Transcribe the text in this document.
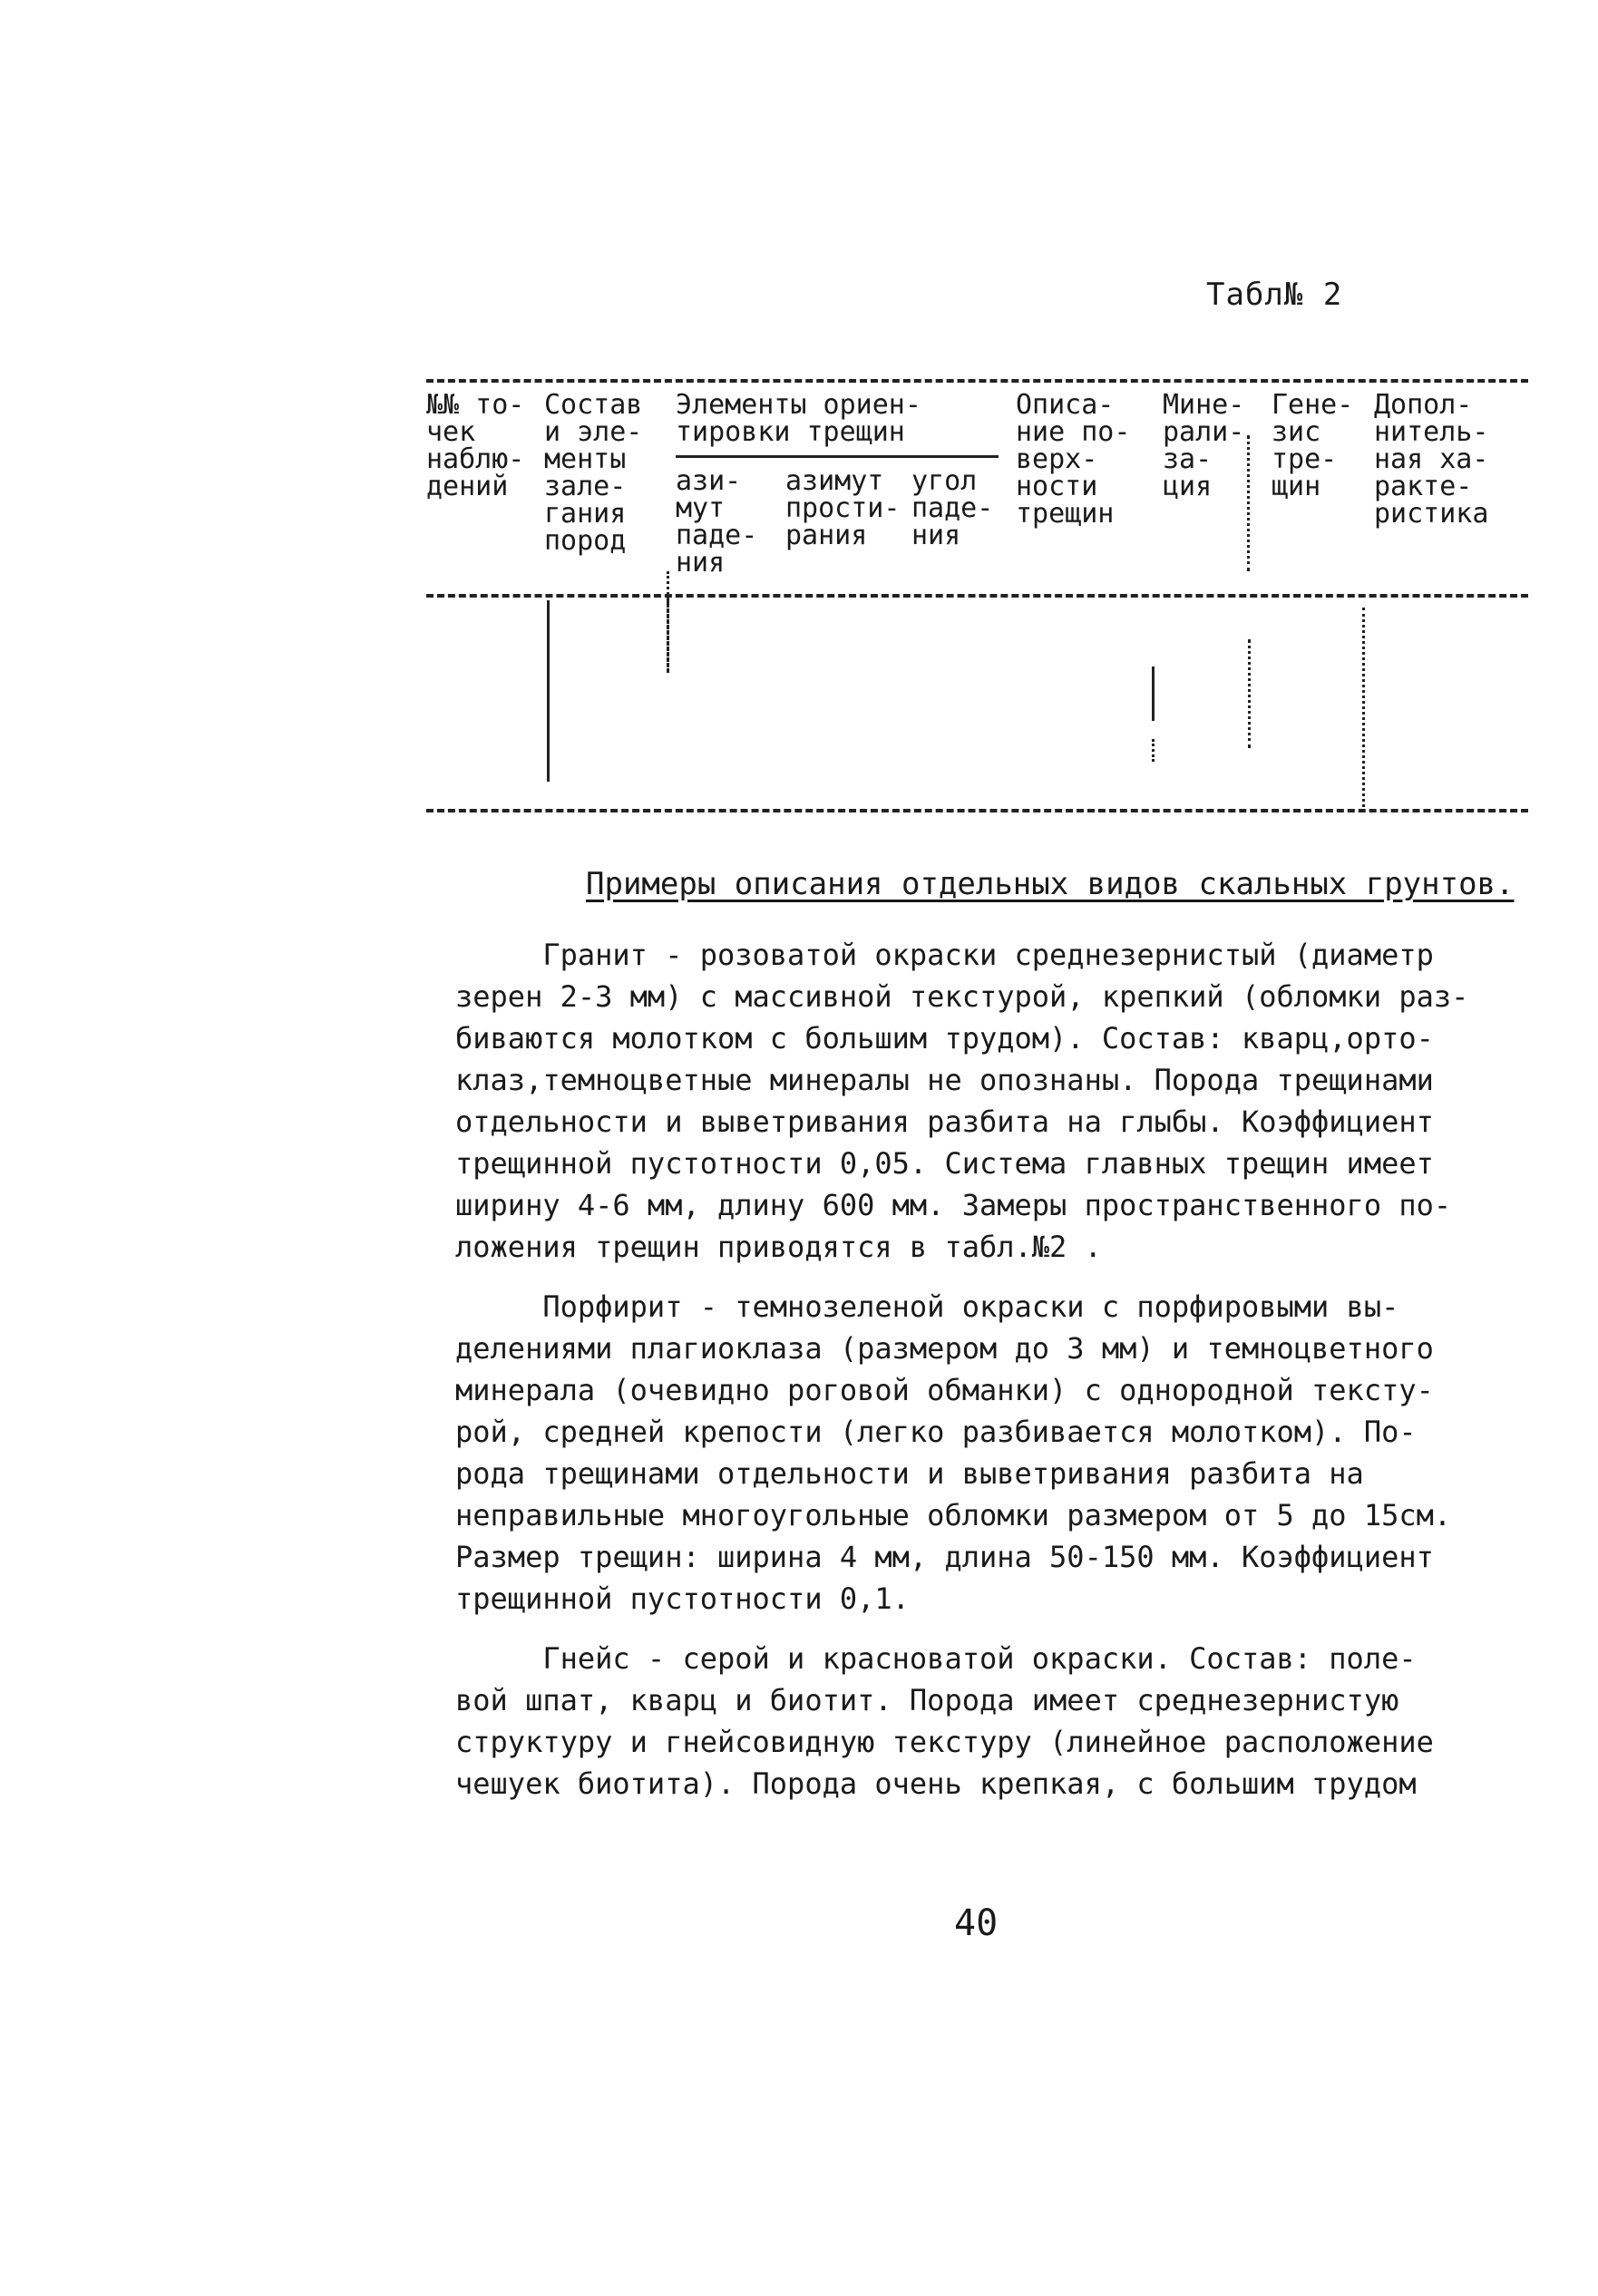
Табл№ 2
№№ то-
чек
наблю-
дений
Состав
и эле-
менты
зале-
гания
пород
Элементы ориен-
тировки трещин
ази-
мут
паде-
ния
азимут
прости-
рания
угол
паде-
ния
Описа-
ние по-
верх-
ности
трещин
Мине-
рали-
за-
ция
Гене-
зис
тре-
щин
Допол-
нитель-
ная ха-
ракте-
ристика
Примеры описания отдельных видов скальных грунтов.
Гранит - розоватой окраски среднезернистый (диаметр
зерен 2-3 мм) с массивной текстурой, крепкий (обломки раз-
биваются молотком с большим трудом). Состав: кварц,орто-
клаз,темноцветные минералы не опознаны. Порода трещинами
отдельности и выветривания разбита на глыбы. Коэффициент
трещинной пустотности 0,05. Система главных трещин имеет
ширину 4-6 мм, длину 600 мм. Замеры пространственного по-
ложения трещин приводятся в табл.№2 .
Порфирит - темнозеленой окраски с порфировыми вы-
делениями плагиоклаза (размером до 3 мм) и темноцветного
минерала (очевидно роговой обманки) с однородной тексту-
рой, средней крепости (легко разбивается молотком). По-
рода трещинами отдельности и выветривания разбита на
неправильные многоугольные обломки размером от 5 до 15см.
Размер трещин: ширина 4 мм, длина 50-150 мм. Коэффициент
трещинной пустотности 0,1.
Гнейс - серой и красноватой окраски. Состав: поле-
вой шпат, кварц и биотит. Порода имеет среднезернистую
структуру и гнейсовидную текстуру (линейное расположение
чешуек биотита). Порода очень крепкая, с большим трудом
40
